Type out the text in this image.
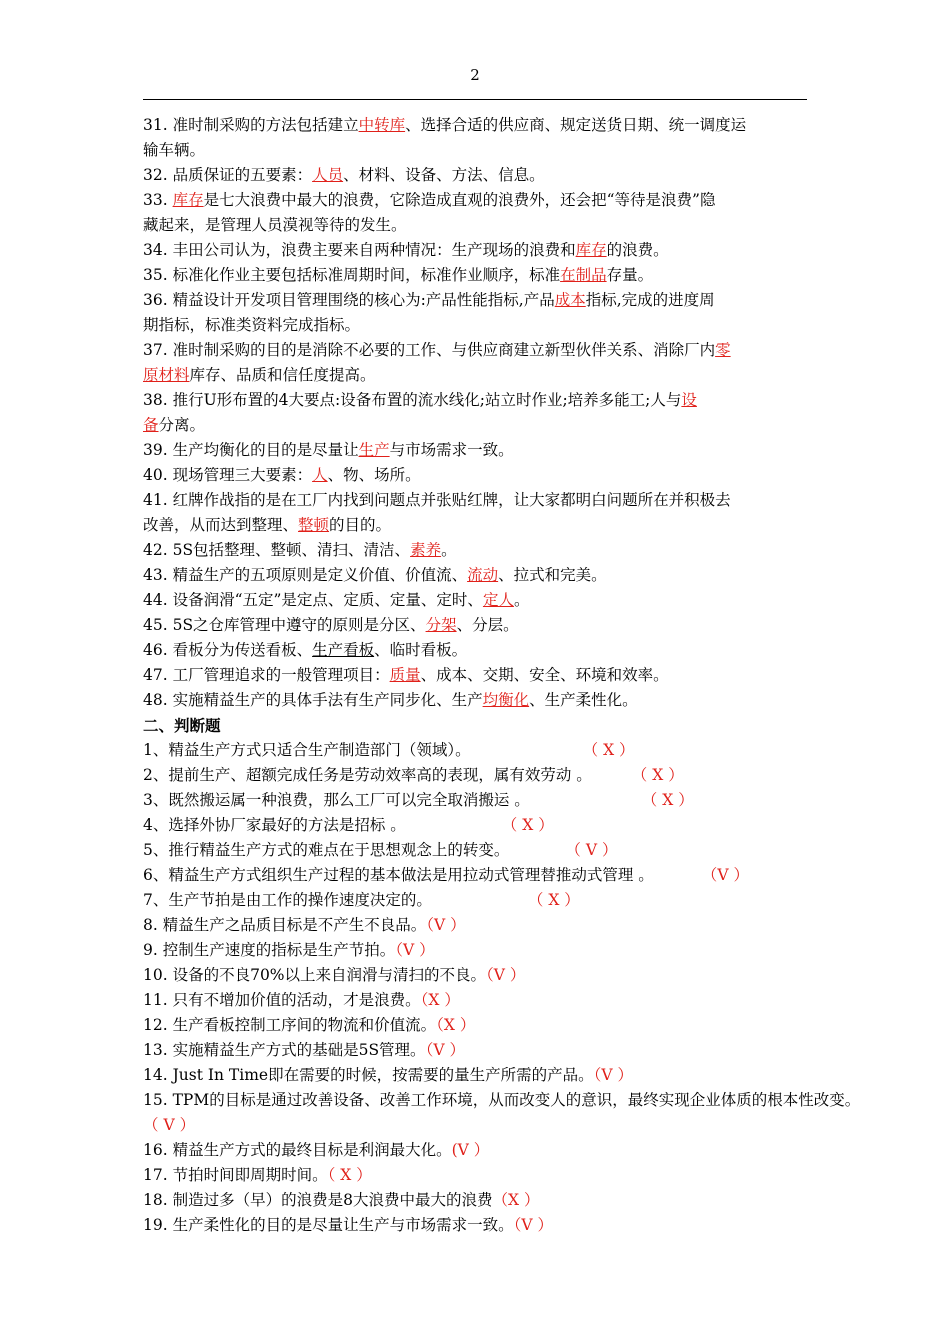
2
31. 准时制采购的方法包括建立中转库、选择合适的供应商、规定送货日期、统一调度运
输车辆。
32. 品质保证的五要素：人员、材料、设备、方法、信息。
33. 库存是七大浪费中最大的浪费，它除造成直观的浪费外，还会把“等待是浪费”隐
藏起来，是管理人员漠视等待的发生。
34. 丰田公司认为，浪费主要来自两种情况：生产现场的浪费和库存的浪费。
35. 标准化作业主要包括标准周期时间，标准作业顺序，标准在制品存量。
36. 精益设计开发项目管理围绕的核心为:产品性能指标,产品成本指标,完成的进度周
期指标，标准类资料完成指标。
37. 准时制采购的目的是消除不必要的工作、与供应商建立新型伙伴关系、消除厂内零
原材料库存、品质和信任度提高。
38. 推行U形布置的4大要点:设备布置的流水线化;站立时作业;培养多能工;人与设
备分离。
39. 生产均衡化的目的是尽量让生产与市场需求一致。
40. 现场管理三大要素：人、物、场所。
41. 红牌作战指的是在工厂内找到问题点并张贴红牌，让大家都明白问题所在并积极去
改善，从而达到整理、整顿的目的。
42. 5S包括整理、整顿、清扫、清洁、素养。
43. 精益生产的五项原则是定义价值、价值流、流动、拉式和完美。
44. 设备润滑“五定”是定点、定质、定量、定时、定人。
45. 5S之仓库管理中遵守的原则是分区、分架、分层。
46. 看板分为传送看板、生产看板、临时看板。
47. 工厂管理追求的一般管理项目：质量、成本、交期、安全、环境和效率。
48. 实施精益生产的具体手法有生产同步化、生产均衡化、生产柔性化。
二、判断题
1、精益生产方式只适合生产制造部门（领域）。	（ X ）
2、提前生产、超额完成任务是劳动效率高的表现，属有效劳动 。	（ X ）
3、既然搬运属一种浪费，那么工厂可以完全取消搬运 。	（ X ）
4、选择外协厂家最好的方法是招标 。	（ X ）
5、推行精益生产方式的难点在于思想观念上的转变。	（ V ）
6、精益生产方式组织生产过程的基本做法是用拉动式管理替推动式管理 。	（V ）
7、生产节拍是由工作的操作速度决定的。	（ X ）
8. 精益生产之品质目标是不产生不良品。（V ）
9. 控制生产速度的指标是生产节拍。（V ）
10. 设备的不良70%以上来自润滑与清扫的不良。（V ）
11. 只有不增加价值的活动，才是浪费。（X ）
12. 生产看板控制工序间的物流和价值流。（X ）
13. 实施精益生产方式的基础是5S管理。（V ）
14. Just In Time即在需要的时候，按需要的量生产所需的产品。（V ）
15. TPM的目标是通过改善设备、改善工作环境，从而改变人的意识，最终实现企业体质的根本性改变。
（ V ）
16. 精益生产方式的最终目标是利润最大化。(V ）
17. 节拍时间即周期时间。（ X ）
18. 制造过多（早）的浪费是8大浪费中最大的浪费（X ）
19. 生产柔性化的目的是尽量让生产与市场需求一致。（V ）
